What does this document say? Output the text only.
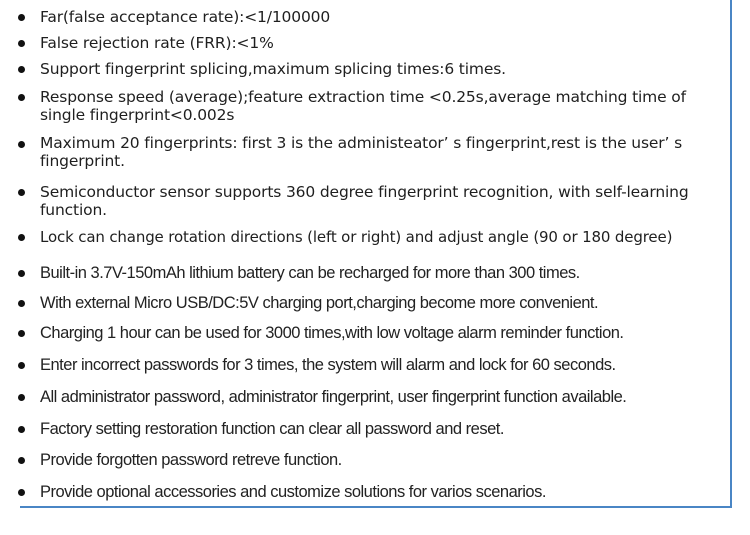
Far(false acceptance rate):<1/100000
False rejection rate (FRR):<1%
Support fingerprint splicing,maximum splicing times:6 times.
Response speed (average);feature extraction time <0.25s,average matching time of single fingerprint<0.002s
Maximum 20 fingerprints: first 3 is the administeator’ s fingerprint,rest is the user’ s fingerprint.
Semiconductor sensor supports 360 degree fingerprint recognition, with self-learning function.
Lock can change rotation directions (left or right) and adjust angle (90 or 180 degree)
Built-in 3.7V-150mAh lithium battery can be recharged for more than 300 times.
With external Micro USB/DC:5V charging port,charging become more convenient.
Charging 1 hour can be used for 3000 times,with low voltage alarm reminder function.
Enter incorrect passwords for 3 times, the system will alarm and lock for 60 seconds.
All administrator password, administrator fingerprint, user fingerprint function available.
Factory setting restoration function can clear all password and reset.
Provide forgotten password retreve function.
Provide optional accessories and customize solutions for varios scenarios.
